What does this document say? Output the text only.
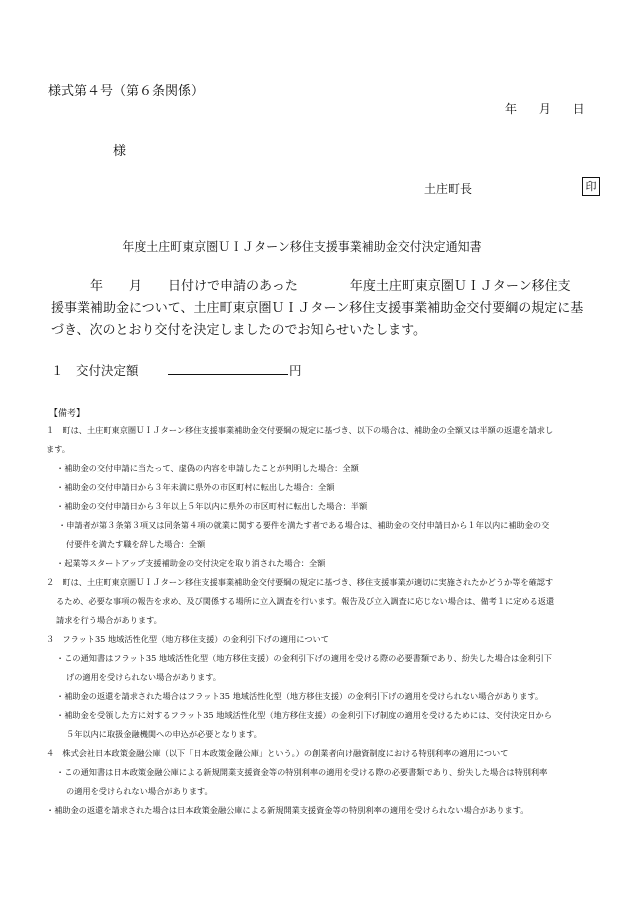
様式第４号（第６条関係）
年 月 日
様
土庄町長	印
年度土庄町東京圏ＵＩＪターン移住支援事業補助金交付決定通知書
　　　年　　月　　日付けで申請のあった　　　　年度土庄町東京圏ＵＩＪターン移住支
援事業補助金について、土庄町東京圏ＵＩＪターン移住支援事業補助金交付要綱の規定に基
づき、次のとおり交付を決定しましたのでお知らせいたします。
１　交付決定額	円
【備考】
１　町は、土庄町東京圏ＵＩＪターン移住支援事業補助金交付要綱の規定に基づき、以下の場合は、補助金の全額又は半額の返還を請求し
ます。
・補助金の交付申請に当たって、虚偽の内容を申請したことが判明した場合：全額
・補助金の交付申請日から３年未満に県外の市区町村に転出した場合：全額
・補助金の交付申請日から３年以上５年以内に県外の市区町村に転出した場合：半額
・申請者が第３条第３項又は同条第４項の就業に関する要件を満たす者である場合は、補助金の交付申請日から１年以内に補助金の交
付要件を満たす職を辞した場合：全額
・起業等スタートアップ支援補助金の交付決定を取り消された場合：全額
２　町は、土庄町東京圏ＵＩＪターン移住支援事業補助金交付要綱の規定に基づき、移住支援事業が適切に実施されたかどうか等を確認す
るため、必要な事項の報告を求め、及び関係する場所に立入調査を行います。報告及び立入調査に応じない場合は、備考１に定める返還
請求を行う場合があります。
３　フラット35 地域活性化型（地方移住支援）の金利引下げの適用について
・この通知書はフラット35 地域活性化型（地方移住支援）の金利引下げの適用を受ける際の必要書類であり、紛失した場合は金利引下
げの適用を受けられない場合があります。
・補助金の返還を請求された場合はフラット35 地域活性化型（地方移住支援）の金利引下げの適用を受けられない場合があります。
・補助金を受領した方に対するフラット35 地域活性化型（地方移住支援）の金利引下げ制度の適用を受けるためには、交付決定日から
５年以内に取扱金融機関への申込が必要となります。
４　株式会社日本政策金融公庫（以下「日本政策金融公庫」という。）の創業者向け融資制度における特別利率の適用について
・この通知書は日本政策金融公庫による新規開業支援資金等の特別利率の適用を受ける際の必要書類であり、紛失した場合は特別利率
の適用を受けられない場合があります。
・補助金の返還を請求された場合は日本政策金融公庫による新規開業支援資金等の特別利率の適用を受けられない場合があります。
